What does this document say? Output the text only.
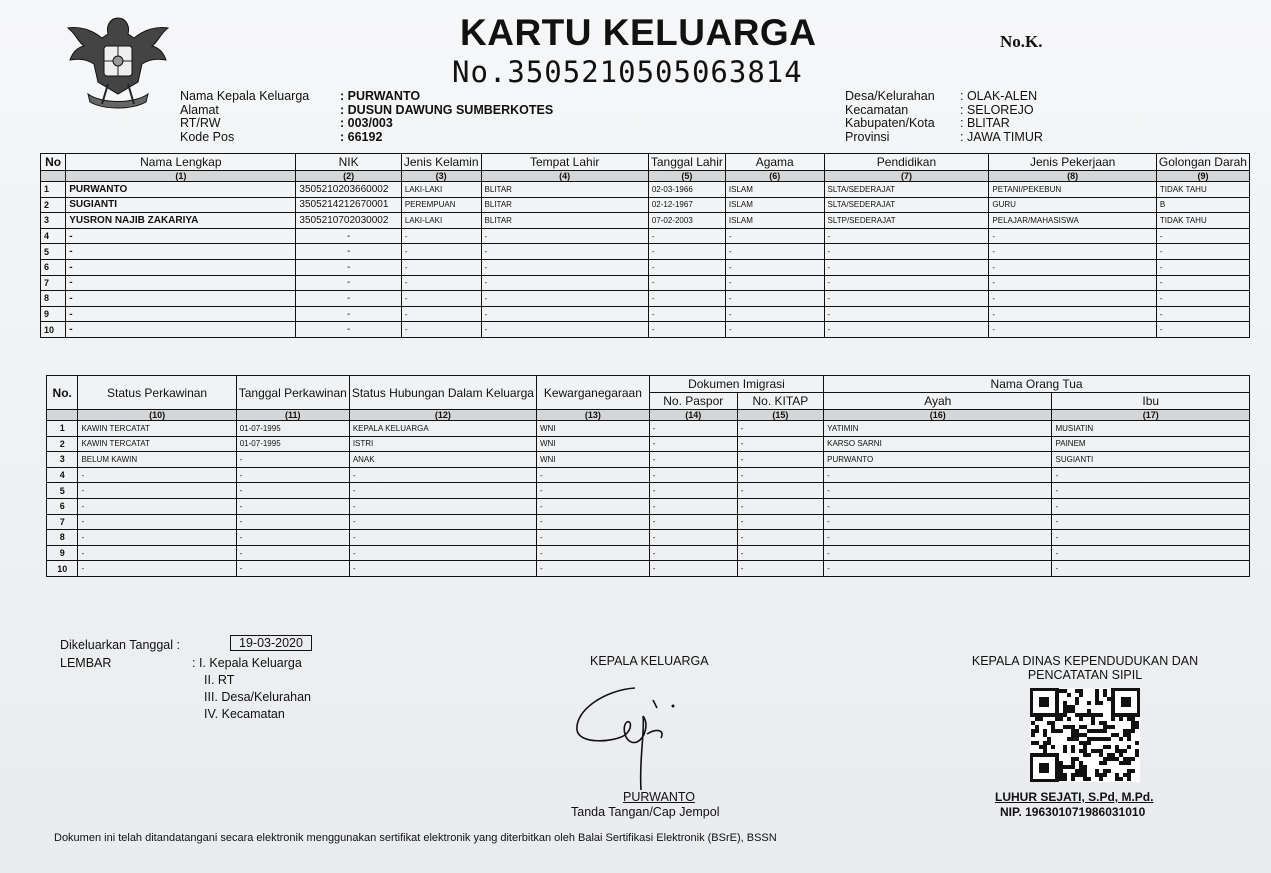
KARTU KELUARGA
No.3505210505063814
No.K.
Nama Kepala Keluarga	: PURWANTO
Alamat	: DUSUN DAWUNG SUMBERKOTES
RT/RW	: 003/003
Kode Pos	: 66192
Desa/Kelurahan	: OLAK-ALEN
Kecamatan	: SELOREJO
Kabupaten/Kota	: BLITAR
Provinsi	: JAWA TIMUR
No	Nama Lengkap	NIK	Jenis Kelamin	Tempat Lahir	Tanggal Lahir	Agama	Pendidikan	Jenis Pekerjaan	Golongan Darah
	(1)	(2)	(3)	(4)	(5)	(6)	(7)	(8)	(9)
1	PURWANTO	3505210203660002	LAKI-LAKI	BLITAR	02-03-1966	ISLAM	SLTA/SEDERAJAT	PETANI/PEKEBUN	TIDAK TAHU
2	SUGIANTI	3505214212670001	PEREMPUAN	BLITAR	02-12-1967	ISLAM	SLTA/SEDERAJAT	GURU	B
3	YUSRON NAJIB ZAKARIYA	3505210702030002	LAKI-LAKI	BLITAR	07-02-2003	ISLAM	SLTP/SEDERAJAT	PELAJAR/MAHASISWA	TIDAK TAHU
4	-	-	-	-	-	-	-	-	-
5	-	-	-	-	-	-	-	-	-
6	-	-	-	-	-	-	-	-	-
7	-	-	-	-	-	-	-	-	-
8	-	-	-	-	-	-	-	-	-
9	-	-	-	-	-	-	-	-	-
10	-	-	-	-	-	-	-	-	-
No.	Status Perkawinan	Tanggal Perkawinan	Status Hubungan Dalam Keluarga	Kewarganegaraan	Dokumen Imigrasi		Nama Orang Tua	
					No. Paspor	No. KITAP	Ayah	Ibu
	(10)	(11)	(12)	(13)	(14)	(15)	(16)	(17)
1	KAWIN TERCATAT	01-07-1995	KEPALA KELUARGA	WNI	-	-	YATIMIN	MUSIATIN
2	KAWIN TERCATAT	01-07-1995	ISTRI	WNI	-	-	KARSO SARNI	PAINEM
3	BELUM KAWIN	-	ANAK	WNI	-	-	PURWANTO	SUGIANTI
4	-	-	-	-	-	-	-	-
5	-	-	-	-	-	-	-	-
6	-	-	-	-	-	-	-	-
7	-	-	-	-	-	-	-	-
8	-	-	-	-	-	-	-	-
9	-	-	-	-	-	-	-	-
10	-	-	-	-	-	-	-	-
Dikeluarkan Tanggal :	19-03-2020
LEMBAR	: I. Kepala Keluarga
II. RT
III. Desa/Kelurahan
IV. Kecamatan
KEPALA KELUARGA
PURWANTO
Tanda Tangan/Cap Jempol
KEPALA DINAS KEPENDUDUKAN DAN
PENCATATAN SIPIL
LUHUR SEJATI, S.Pd, M.Pd.
NIP. 196301071986031010
Dokumen ini telah ditandatangani secara elektronik menggunakan sertifikat elektronik yang diterbitkan oleh Balai Sertifikasi Elektronik (BSrE), BSSN
